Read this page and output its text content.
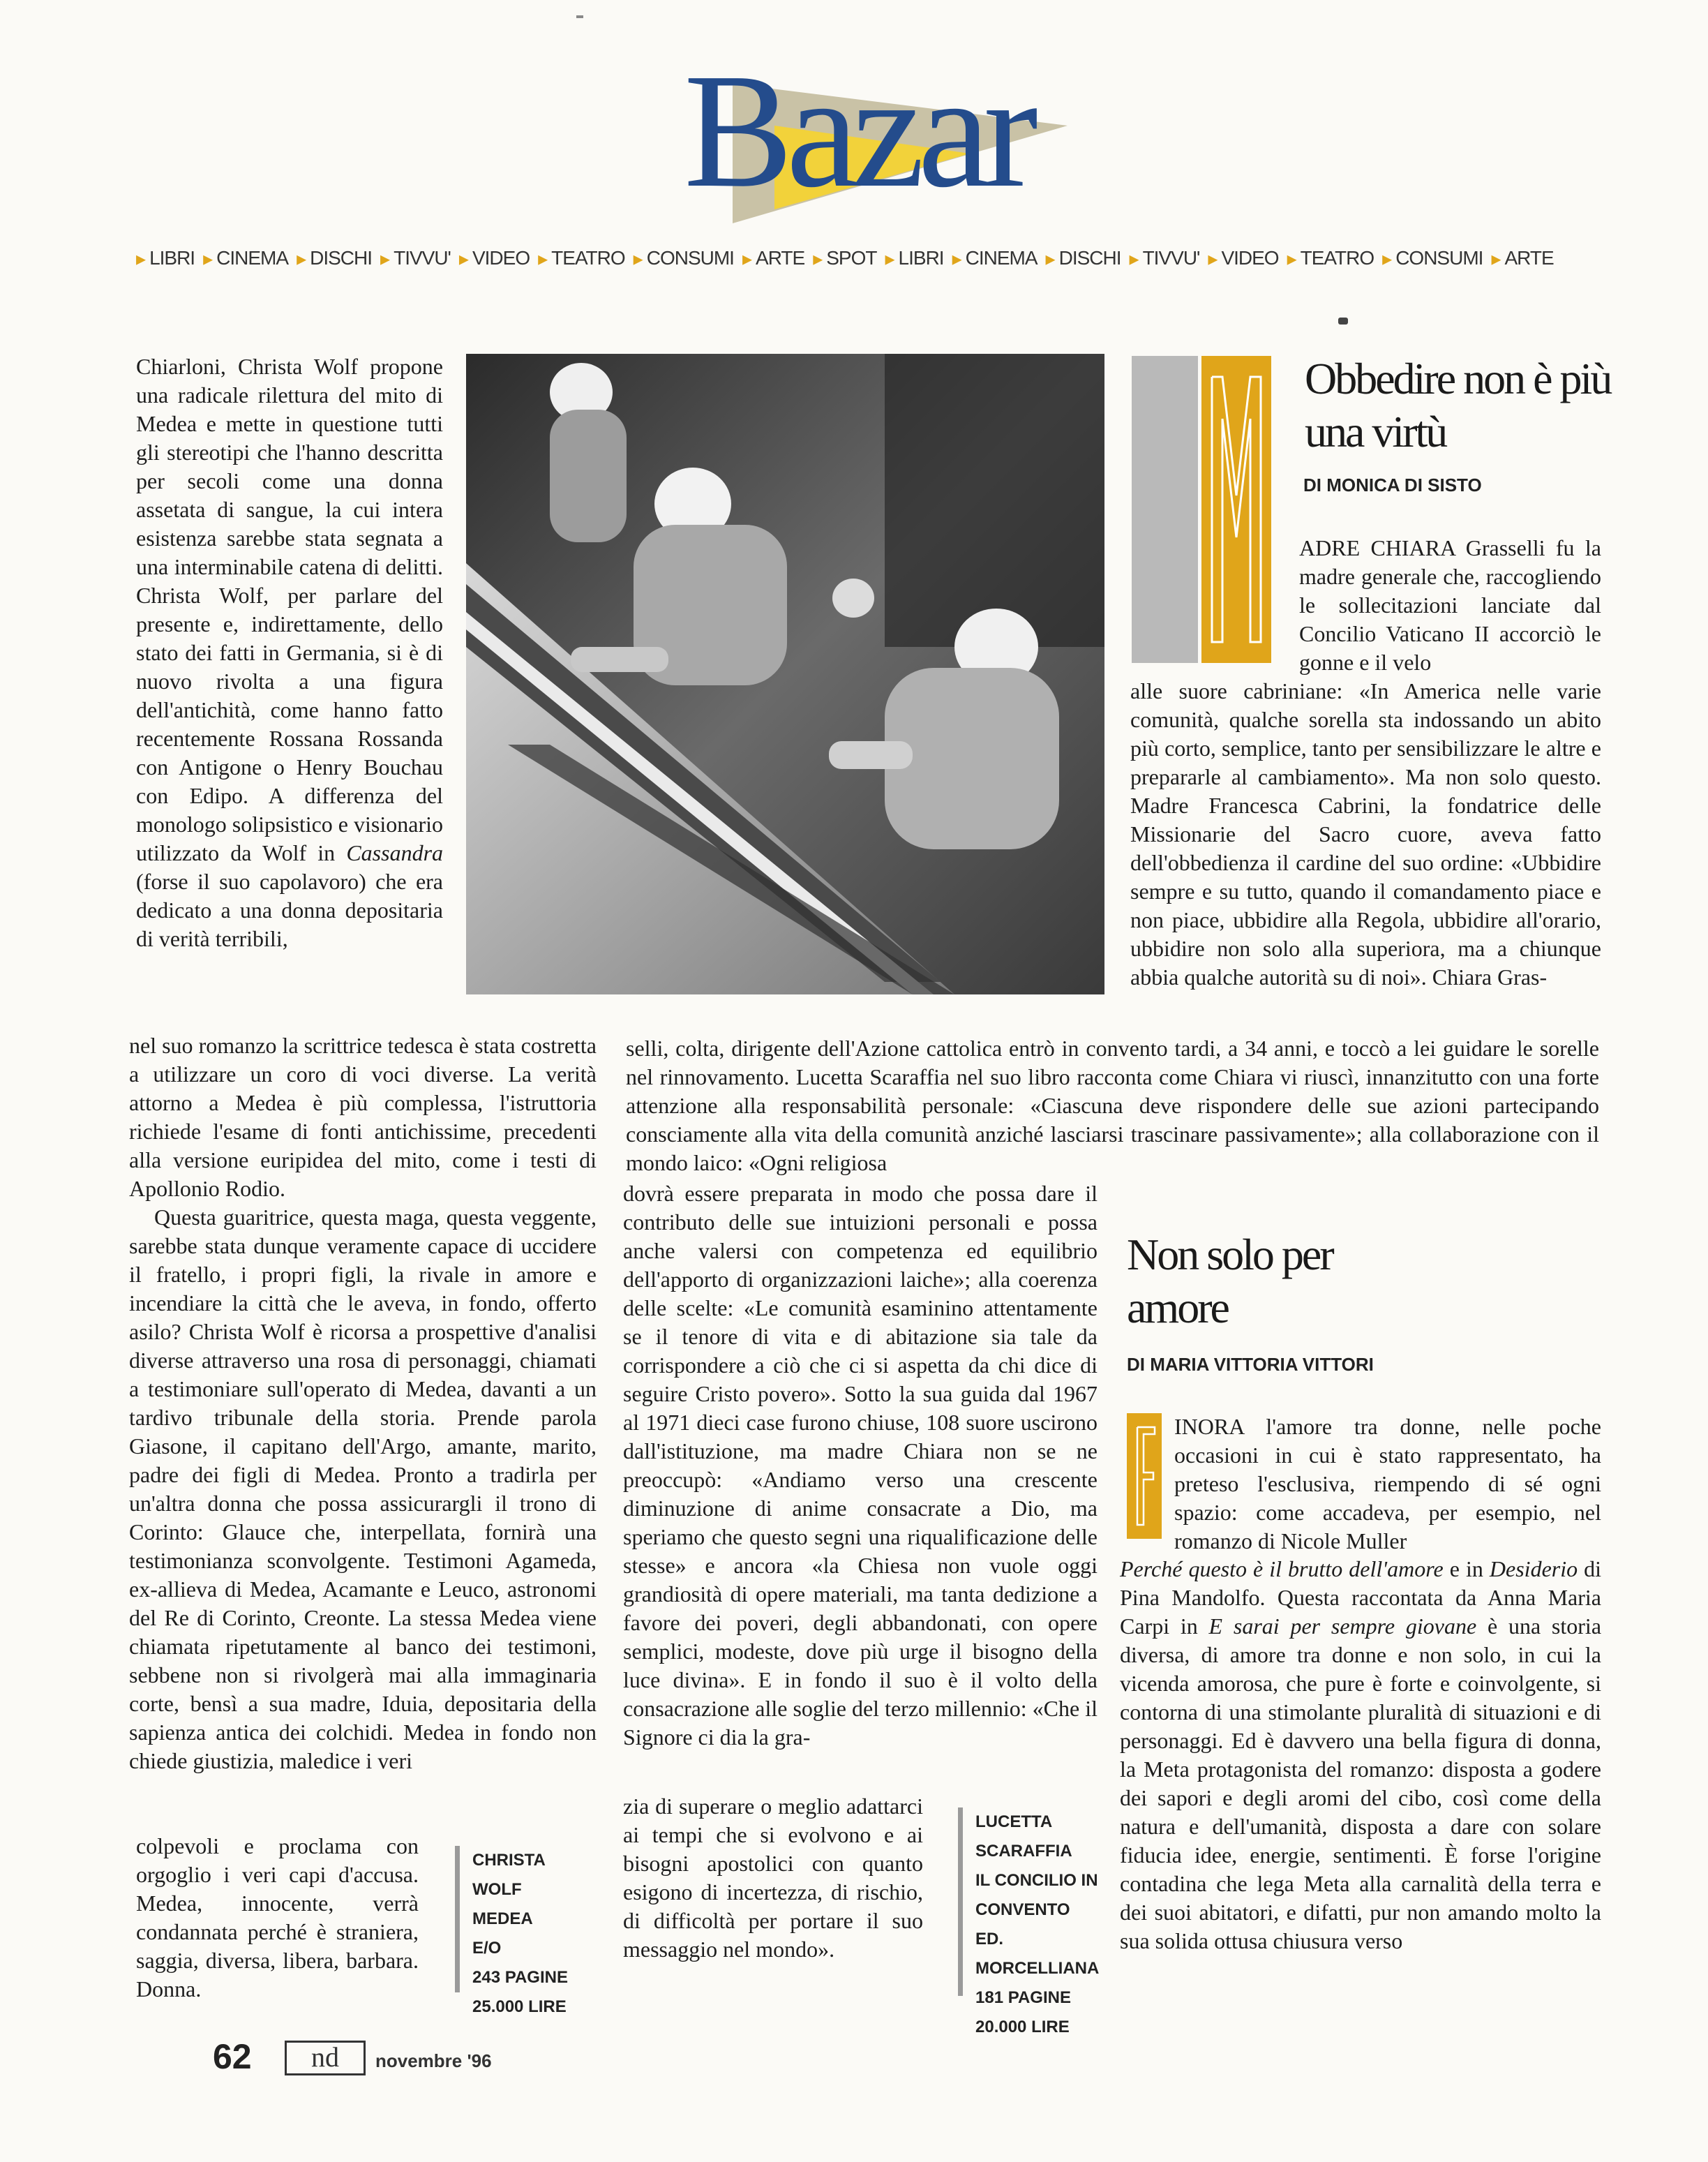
Bazar
▸ LIBRI ▸ CINEMA ▸ DISCHI ▸ TIVVU' ▸ VIDEO ▸ TEATRO ▸ CONSUMI ▸ ARTE ▸ SPOT ▸ LIBRI ▸ CINEMA ▸ DISCHI ▸ TIVVU' ▸ VIDEO ▸ TEATRO ▸ CONSUMI ▸ ARTE

Chiarloni, Christa Wolf propone una radicale rilettura del mito di Medea e mette in questione tutti gli stereotipi che l'hanno descritta per secoli come una donna assetata di sangue, la cui intera esistenza sarebbe stata segnata a una interminabile catena di delitti. Christa Wolf, per parlare del presente e, indirettamente, dello stato dei fatti in Germania, si è di nuovo rivolta a una figura dell'antichità, come hanno fatto recentemente Rossana Rossanda con Antigone o Henry Bouchau con Edipo. A differenza del monologo solipsistico e visionario utilizzato da Wolf in Cassandra (forse il suo capolavoro) che era dedicato a una donna depositaria di verità terribili,

nel suo romanzo la scrittrice tedesca è stata costretta a utilizzare un coro di voci diverse. La verità attorno a Medea è più complessa, l'istruttoria richiede l'esame di fonti antichissime, precedenti alla versione euripidea del mito, come i testi di Apollonio Rodio.

Questa guaritrice, questa maga, questa veggente, sarebbe stata dunque veramente capace di uccidere il fratello, i propri figli, la rivale in amore e incendiare la città che le aveva, in fondo, offerto asilo? Christa Wolf è ricorsa a prospettive d'analisi diverse attraverso una rosa di personaggi, chiamati a testimoniare sull'operato di Medea, davanti a un tardivo tribunale della storia. Prende parola Giasone, il capitano dell'Argo, amante, marito, padre dei figli di Medea. Pronto a tradirla per un'altra donna che possa assicurargli il trono di Corinto: Glauce che, interpellata, fornirà una testimonianza sconvolgente. Testimoni Agameda, ex-allieva di Medea, Acamante e Leuco, astronomi del Re di Corinto, Creonte. La stessa Medea viene chiamata ripetutamente al banco dei testimoni, sebbene non si rivolgerà mai alla immaginaria corte, bensì a sua madre, Iduia, depositaria della sapienza antica dei colchidi. Medea in fondo non chiede giustizia, maledice i veri

colpevoli e proclama con orgoglio i veri capi d'accusa. Medea, innocente, verrà condannata perché è straniera, saggia, diversa, libera, barbara. Donna.

CHRISTA WOLF
MEDEA
E/O
243 PAGINE
25.000 LIRE
Obbedire non è più una virtù
DI MONICA DI SISTO

ADRE CHIARA Grasselli fu la madre generale che, raccogliendo le sollecitazioni lanciate dal Concilio Vaticano II accorciò le gonne e il velo

alle suore cabriniane: «In America nelle varie comunità, qualche sorella sta indossando un abito più corto, semplice, tanto per sensibilizzare le altre e prepararle al cambiamento». Ma non solo questo. Madre Francesca Cabrini, la fondatrice delle Missionarie del Sacro cuore, aveva fatto dell'obbedienza il cardine del suo ordine: «Ubbidire sempre e su tutto, quando il comandamento piace e non piace, ubbidire alla Regola, ubbidire all'orario, ubbidire non solo alla superiora, ma a chiunque abbia qualche autorità su di noi». Chiara Gras-

selli, colta, dirigente dell'Azione cattolica entrò in convento tardi, a 34 anni, e toccò a lei guidare le sorelle nel rinnovamento. Lucetta Scaraffia nel suo libro racconta come Chiara vi riuscì, innanzitutto con una forte attenzione alla responsabilità personale: «Ciascuna deve rispondere delle sue azioni partecipando consciamente alla vita della comunità anziché lasciarsi trascinare passivamente»; alla collaborazione con il mondo laico: «Ogni religiosa

dovrà essere preparata in modo che possa dare il contributo delle sue intuizioni personali e possa anche valersi con competenza ed equilibrio dell'apporto di organizzazioni laiche»; alla coerenza delle scelte: «Le comunità esaminino attentamente se il tenore di vita e di abitazione sia tale da corrispondere a ciò che ci si aspetta da chi dice di seguire Cristo povero». Sotto la sua guida dal 1967 al 1971 dieci case furono chiuse, 108 suore uscirono dall'istituzione, ma madre Chiara non se ne preoccupò: «Andiamo verso una crescente diminuzione di anime consacrate a Dio, ma speriamo che questo segni una riqualificazione delle stesse» e ancora «la Chiesa non vuole oggi grandiosità di opere materiali, ma tanta dedizione a favore dei poveri, degli abbandonati, con opere semplici, modeste, dove più urge il bisogno della luce divina». E in fondo il suo è il volto della consacrazione alle soglie del terzo millennio: «Che il Signore ci dia la gra-

zia di superare o meglio adattarci ai tempi che si evolvono e ai bisogni apostolici con quanto esigono di incertezza, di rischio, di difficoltà per portare il suo messaggio nel mondo».

LUCETTA SCARAFFIA
IL CONCILIO IN
CONVENTO
ED. MORCELLIANA
181 PAGINE
20.000 LIRE
Non solo per amore
DI MARIA VITTORIA VITTORI

INORA l'amore tra donne, nelle poche occasioni in cui è stato rappresentato, ha preteso l'esclusiva, riempendo di sé ogni spazio: come accadeva, per esempio, nel romanzo di Nicole Muller

Perché questo è il brutto dell'amore e in Desiderio di Pina Mandolfo. Questa raccontata da Anna Maria Carpi in E sarai per sempre giovane è una storia diversa, di amore tra donne e non solo, in cui la vicenda amorosa, che pure è forte e coinvolgente, si contorna di una stimolante pluralità di situazioni e di personaggi. Ed è davvero una bella figura di donna, la Meta protagonista del romanzo: disposta a godere dei sapori e degli aromi del cibo, così come della natura e dell'umanità, disposta a dare con solare fiducia idee, energie, sentimenti. È forse l'origine contadina che lega Meta alla carnalità della terra e dei suoi abitatori, e difatti, pur non amando molto la sua solida ottusa chiusura verso

62	nd	novembre '96
